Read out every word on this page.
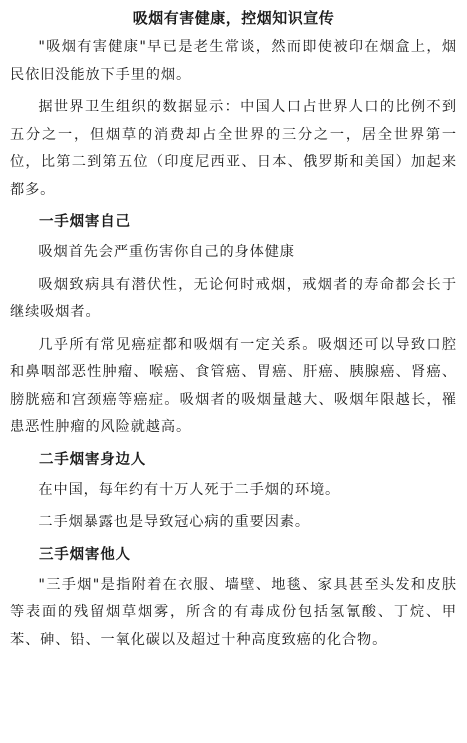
吸烟有害健康，控烟知识宣传

"吸烟有害健康"早已是老生常谈，然而即使被印在烟盒上，烟民依旧没能放下手里的烟。

据世界卫生组织的数据显示：中国人口占世界人口的比例不到五分之一，但烟草的消费却占全世界的三分之一，居全世界第一位，比第二到第五位（印度尼西亚、日本、俄罗斯和美国）加起来都多。

一手烟害自己

吸烟首先会严重伤害你自己的身体健康

吸烟致病具有潜伏性，无论何时戒烟，戒烟者的寿命都会长于继续吸烟者。

几乎所有常见癌症都和吸烟有一定关系。吸烟还可以导致口腔和鼻咽部恶性肿瘤、喉癌、食管癌、胃癌、肝癌、胰腺癌、肾癌、膀胱癌和宫颈癌等癌症。吸烟者的吸烟量越大、吸烟年限越长，罹患恶性肿瘤的风险就越高。

二手烟害身边人

在中国，每年约有十万人死于二手烟的环境。

二手烟暴露也是导致冠心病的重要因素。

三手烟害他人

"三手烟"是指附着在衣服、墙壁、地毯、家具甚至头发和皮肤等表面的残留烟草烟雾，所含的有毒成份包括氢氰酸、丁烷、甲苯、砷、铅、一氧化碳以及超过十种高度致癌的化合物。
